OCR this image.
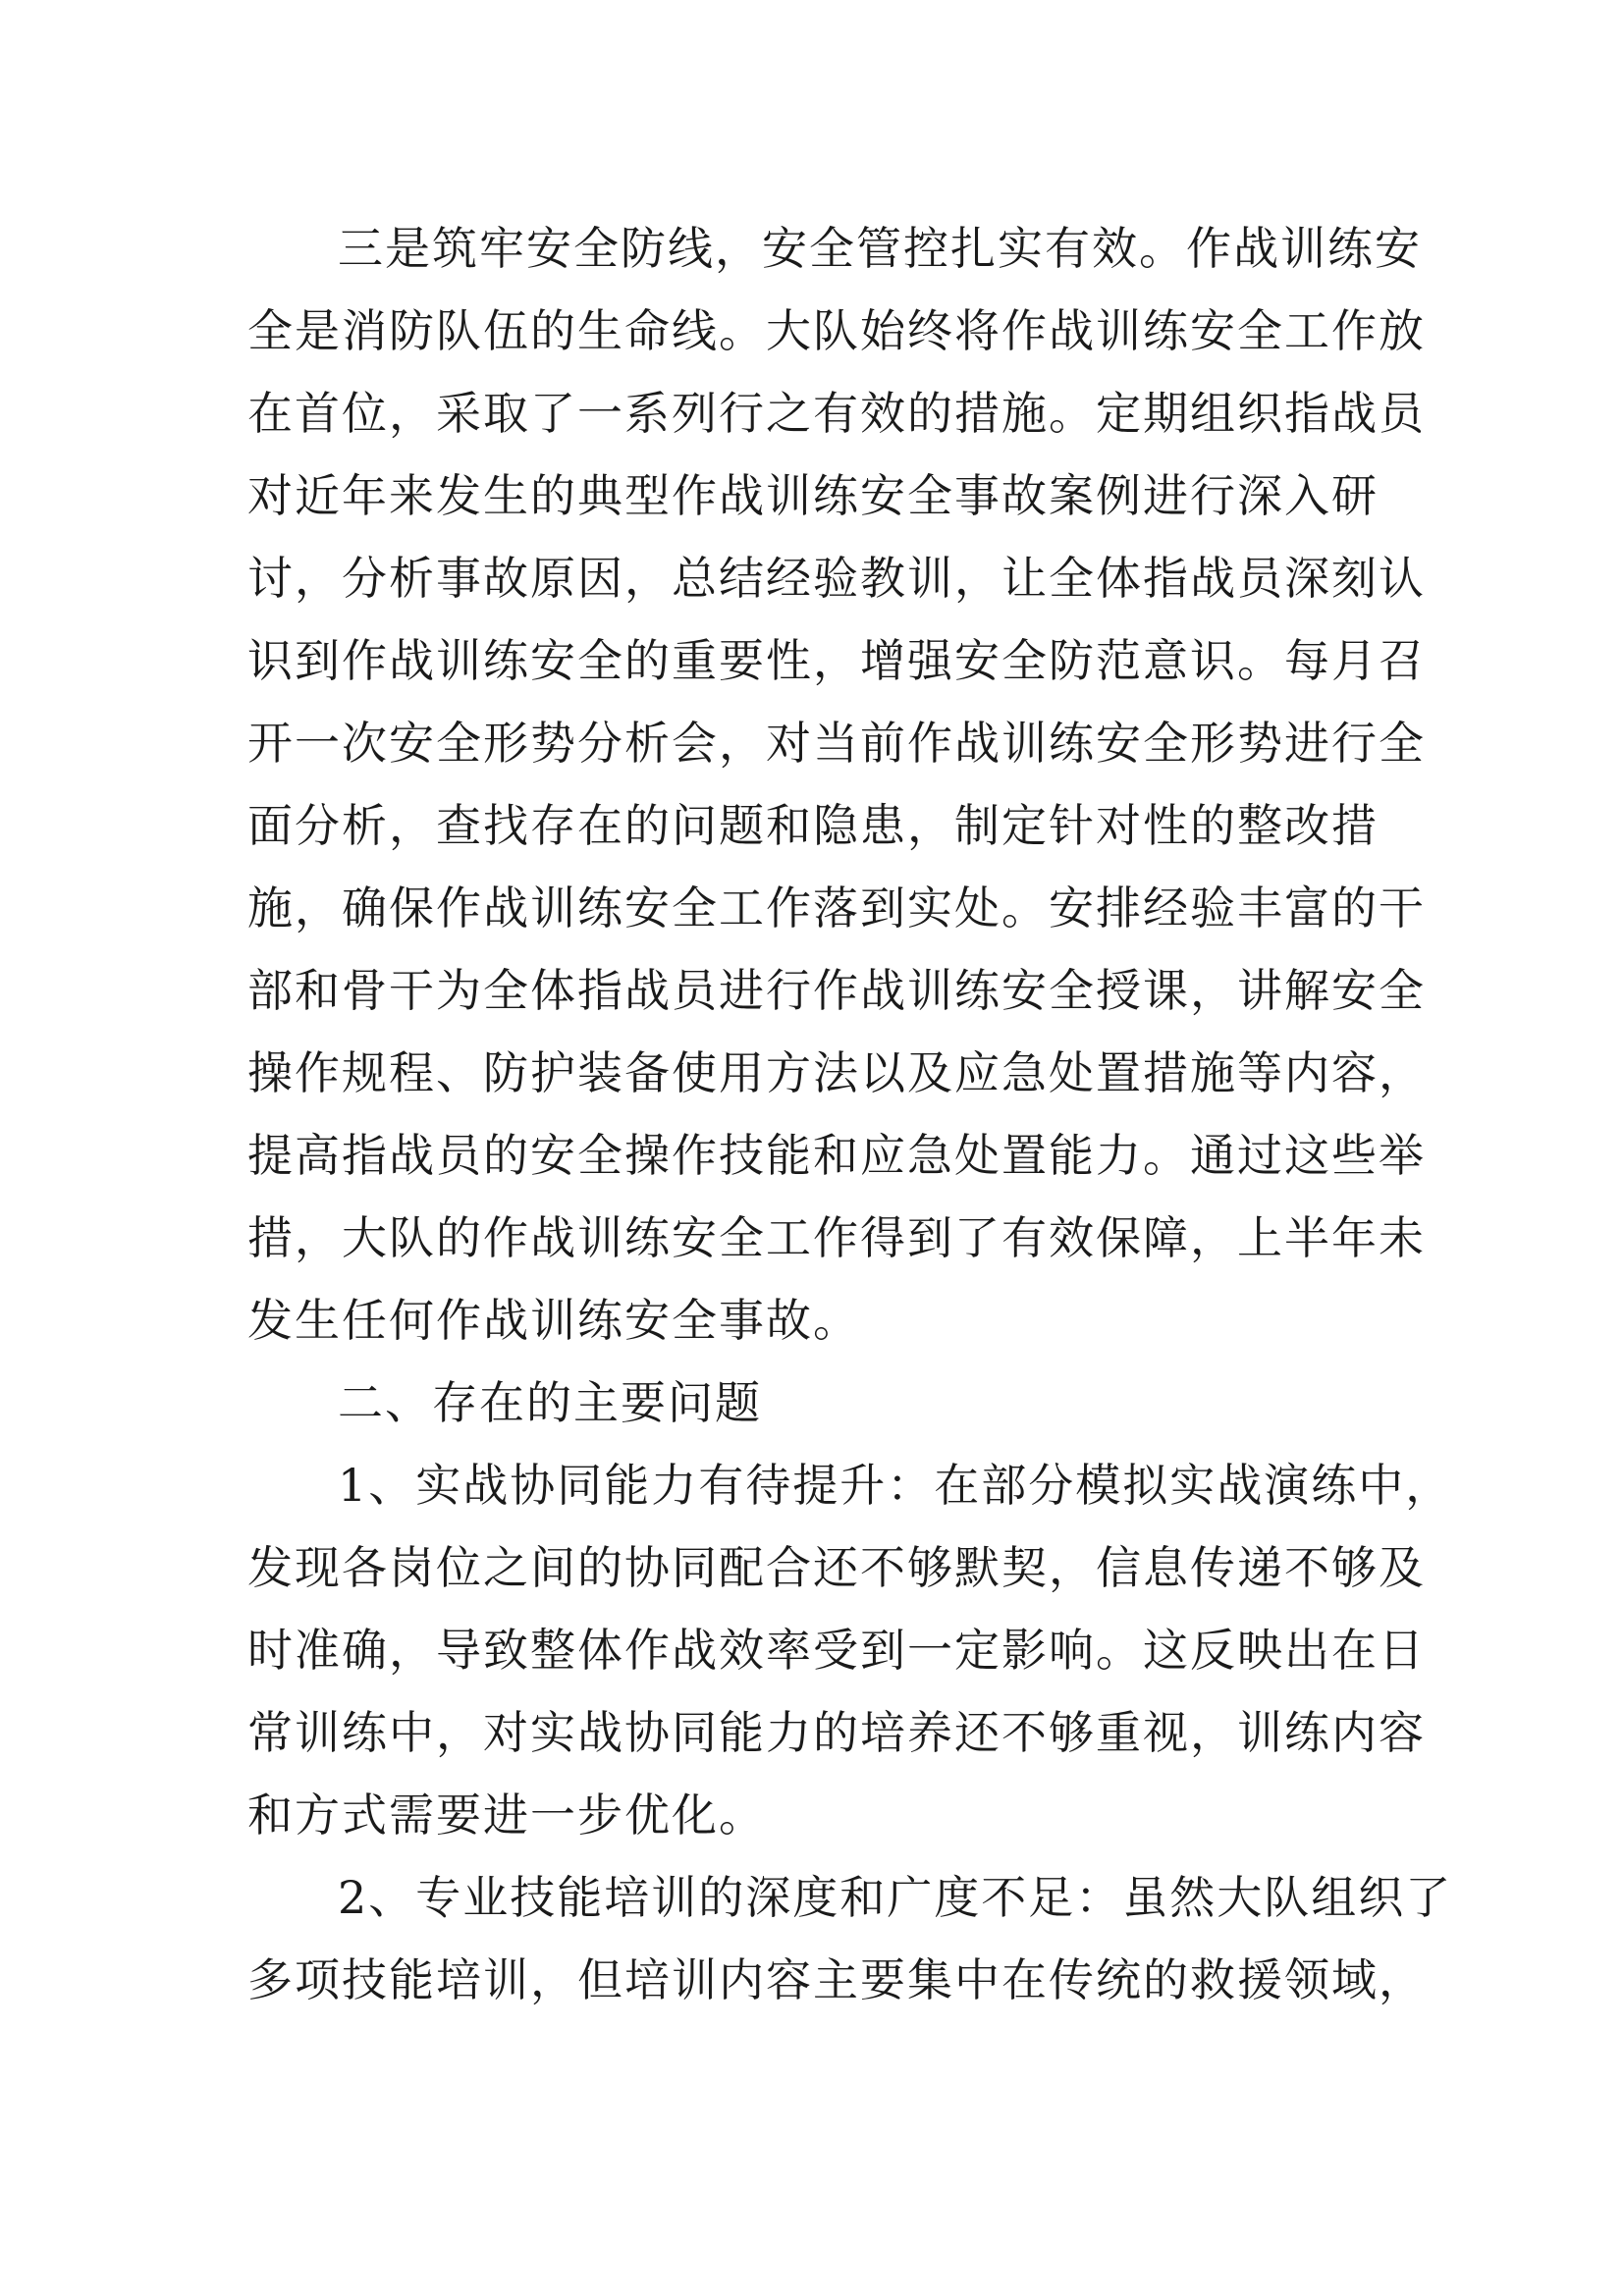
三是筑牢安全防线，安全管控扎实有效。作战训练安
全是消防队伍的生命线。大队始终将作战训练安全工作放
在首位，采取了一系列行之有效的措施。定期组织指战员
对近年来发生的典型作战训练安全事故案例进行深入研
讨，分析事故原因，总结经验教训，让全体指战员深刻认
识到作战训练安全的重要性，增强安全防范意识。每月召
开一次安全形势分析会，对当前作战训练安全形势进行全
面分析，查找存在的问题和隐患，制定针对性的整改措
施，确保作战训练安全工作落到实处。安排经验丰富的干
部和骨干为全体指战员进行作战训练安全授课，讲解安全
操作规程、防护装备使用方法以及应急处置措施等内容，
提高指战员的安全操作技能和应急处置能力。通过这些举
措，大队的作战训练安全工作得到了有效保障，上半年未
发生任何作战训练安全事故。
二、存在的主要问题
1、实战协同能力有待提升：在部分模拟实战演练中，
发现各岗位之间的协同配合还不够默契，信息传递不够及
时准确，导致整体作战效率受到一定影响。这反映出在日
常训练中，对实战协同能力的培养还不够重视，训练内容
和方式需要进一步优化。
2、专业技能培训的深度和广度不足：虽然大队组织了
多项技能培训，但培训内容主要集中在传统的救援领域，
